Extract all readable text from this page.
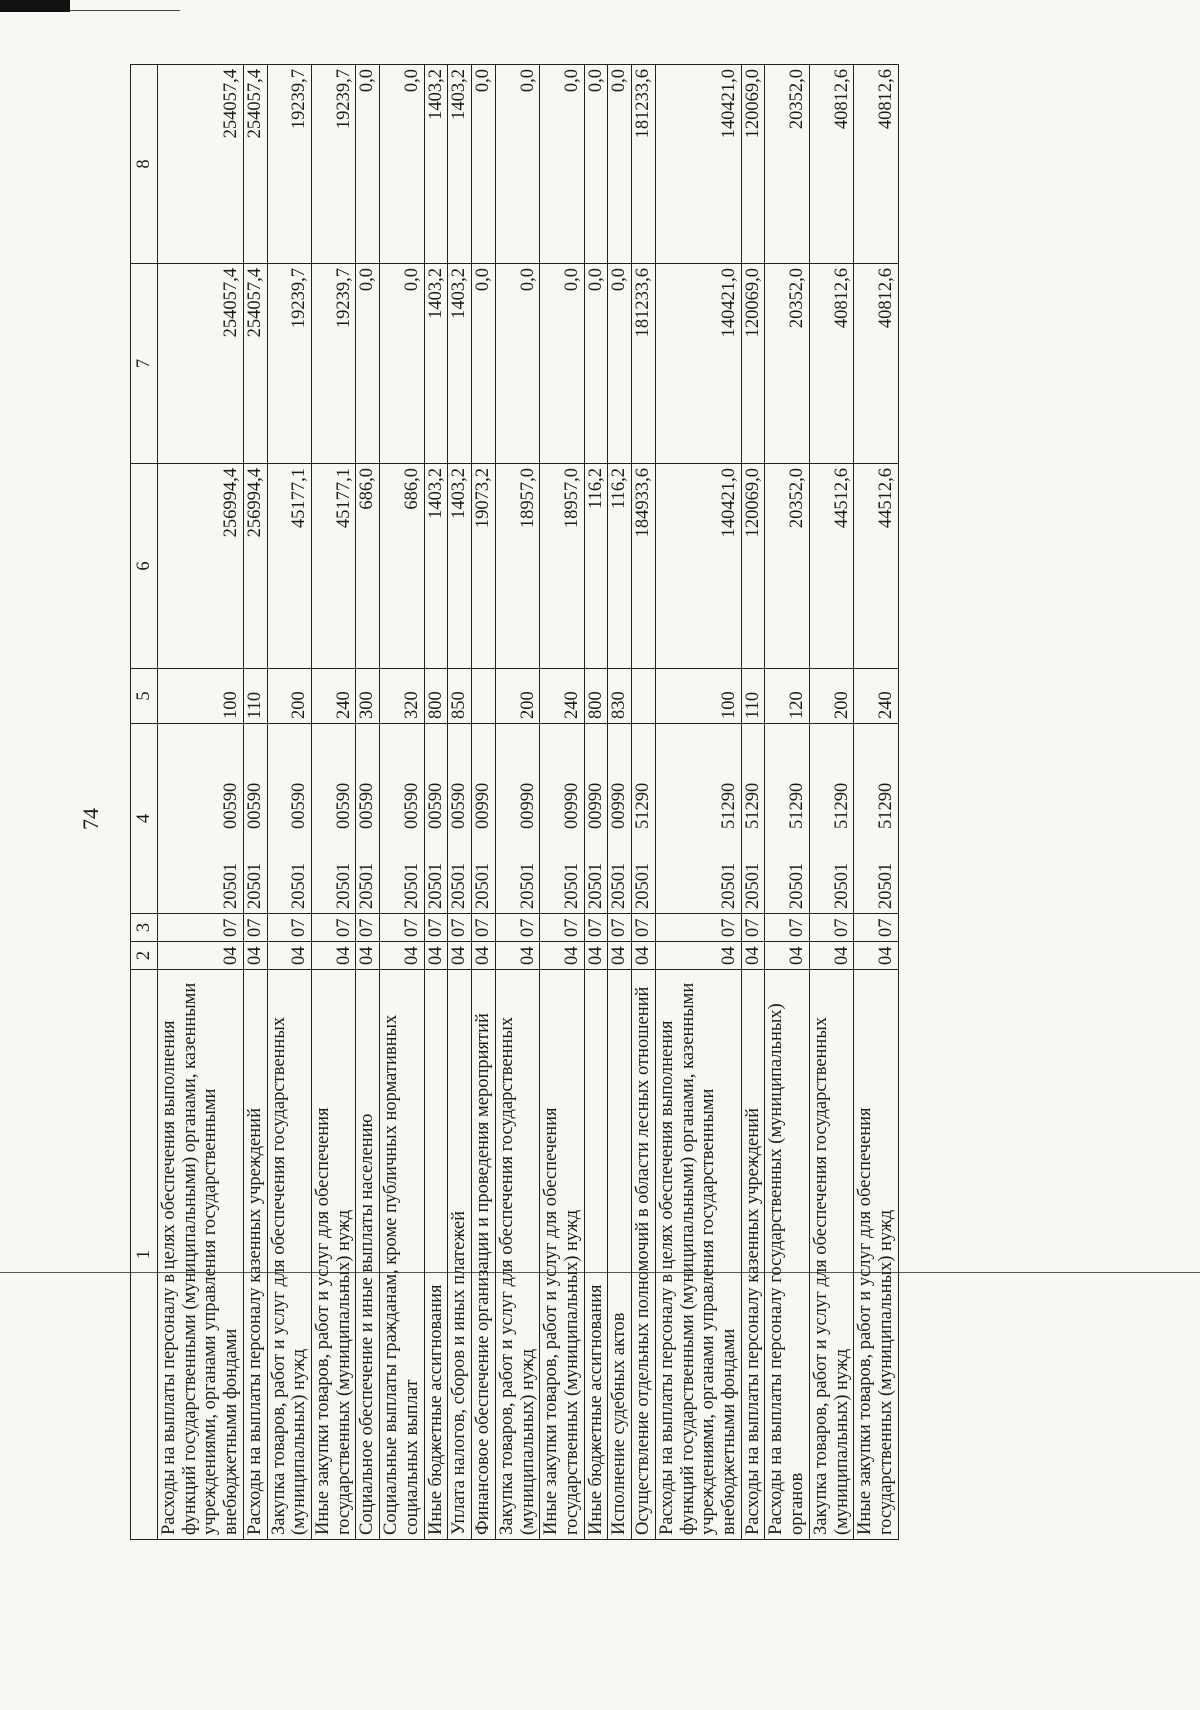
74
1	2	3	4	5	6	7	8
Расходы на выплаты персоналу в целях обеспечения выполнения функций государственными (муниципальными) органами, казенными учреждениями, органами управления государственными внебюджетными фондами	04	07	2050100590	100	256994,4	254057,4	254057,4
Расходы на выплаты персоналу казенных учреждений	04	07	2050100590	110	256994,4	254057,4	254057,4
Закупка товаров, работ и услуг для обеспечения государственных (муниципальных) нужд	04	07	2050100590	200	45177,1	19239,7	19239,7
Иные закупки товаров, работ и услуг для обеспечения государственных (муниципальных) нужд	04	07	2050100590	240	45177,1	19239,7	19239,7
Социальное обеспечение и иные выплаты населению	04	07	2050100590	300	686,0	0,0	0,0
Социальные выплаты гражданам, кроме публичных нормативных социальных выплат	04	07	2050100590	320	686,0	0,0	0,0
Иные бюджетные ассигнования	04	07	2050100590	800	1403,2	1403,2	1403,2
Уплата налогов, сборов и иных платежей	04	07	2050100590	850	1403,2	1403,2	1403,2
Финансовое обеспечение организации и проведения мероприятий	04	07	2050100990		19073,2	0,0	0,0
Закупка товаров, работ и услуг для обеспечения государственных (муниципальных) нужд	04	07	2050100990	200	18957,0	0,0	0,0
Иные закупки товаров, работ и услуг для обеспечения государственных (муниципальных) нужд	04	07	2050100990	240	18957,0	0,0	0,0
Иные бюджетные ассигнования	04	07	2050100990	800	116,2	0,0	0,0
Исполнение судебных актов	04	07	2050100990	830	116,2	0,0	0,0
Осуществление отдельных полномочий в области лесных отношений	04	07	2050151290		184933,6	181233,6	181233,6
Расходы на выплаты персоналу в целях обеспечения выполнения функций государственными (муниципальными) органами, казенными учреждениями, органами управления государственными внебюджетными фондами	04	07	2050151290	100	140421,0	140421,0	140421,0
Расходы на выплаты персоналу казенных учреждений	04	07	2050151290	110	120069,0	120069,0	120069,0
Расходы на выплаты персоналу государственных (муниципальных) органов	04	07	2050151290	120	20352,0	20352,0	20352,0
Закупка товаров, работ и услуг для обеспечения государственных (муниципальных) нужд	04	07	2050151290	200	44512,6	40812,6	40812,6
Иные закупки товаров, работ и услуг для обеспечения государственных (муниципальных) нужд	04	07	2050151290	240	44512,6	40812,6	40812,6
